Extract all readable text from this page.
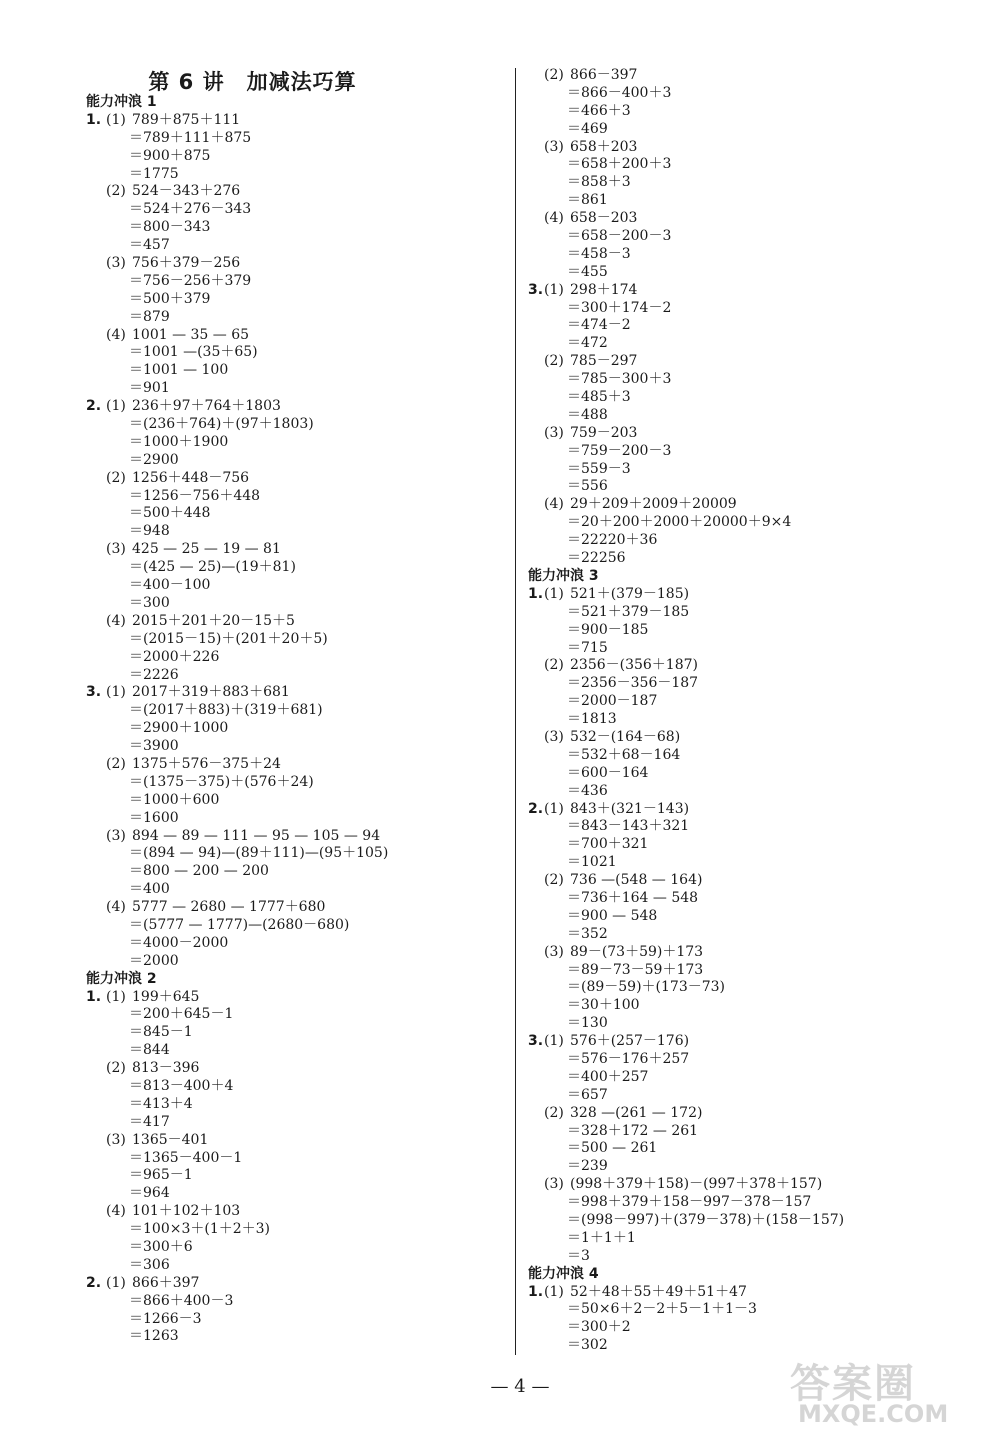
第 6 讲　加减法巧算
能力冲浪 1
1. (1) 789＋875＋111
＝789＋111＋875
＝900＋875
＝1775
(2) 524－343＋276
＝524＋276－343
＝800－343
＝457
(3) 756＋379－256
＝756－256＋379
＝500＋379
＝879
(4) 1001 — 35 — 65
＝1001 —(35＋65)
＝1001 — 100
＝901
2. (1) 236＋97＋764＋1803
＝(236＋764)＋(97＋1803)
＝1000＋1900
＝2900
(2) 1256＋448－756
＝1256－756＋448
＝500＋448
＝948
(3) 425 — 25 — 19 — 81
＝(425 — 25)—(19＋81)
＝400－100
＝300
(4) 2015＋201＋20－15＋5
＝(2015－15)＋(201＋20＋5)
＝2000＋226
＝2226
3. (1) 2017＋319＋883＋681
＝(2017＋883)＋(319＋681)
＝2900＋1000
＝3900
(2) 1375＋576－375＋24
＝(1375－375)＋(576＋24)
＝1000＋600
＝1600
(3) 894 — 89 — 111 — 95 — 105 — 94
＝(894 — 94)—(89＋111)—(95＋105)
＝800 — 200 — 200
＝400
(4) 5777 — 2680 — 1777＋680
＝(5777 — 1777)—(2680－680)
＝4000－2000
＝2000
能力冲浪 2
1. (1) 199＋645
＝200＋645－1
＝845－1
＝844
(2) 813－396
＝813－400＋4
＝413＋4
＝417
(3) 1365－401
＝1365－400－1
＝965－1
＝964
(4) 101＋102＋103
＝100×3＋(1＋2＋3)
＝300＋6
＝306
2. (1) 866＋397
＝866＋400－3
＝1266－3
＝1263
(2) 866－397
＝866－400＋3
＝466＋3
＝469
(3) 658＋203
＝658＋200＋3
＝858＋3
＝861
(4) 658－203
＝658－200－3
＝458－3
＝455
3. (1) 298＋174
＝300＋174－2
＝474－2
＝472
(2) 785－297
＝785－300＋3
＝485＋3
＝488
(3) 759－203
＝759－200－3
＝559－3
＝556
(4) 29＋209＋2009＋20009
＝20＋200＋2000＋20000＋9×4
＝22220＋36
＝22256
能力冲浪 3
1. (1) 521＋(379－185)
＝521＋379－185
＝900－185
＝715
(2) 2356－(356＋187)
＝2356－356－187
＝2000－187
＝1813
(3) 532－(164－68)
＝532＋68－164
＝600－164
＝436
2. (1) 843＋(321－143)
＝843－143＋321
＝700＋321
＝1021
(2) 736 —(548 — 164)
＝736＋164 — 548
＝900 — 548
＝352
(3) 89－(73＋59)＋173
＝89－73－59＋173
＝(89－59)＋(173－73)
＝30＋100
＝130
3. (1) 576＋(257－176)
＝576－176＋257
＝400＋257
＝657
(2) 328 —(261 — 172)
＝328＋172 — 261
＝500 — 261
＝239
(3) (998＋379＋158)－(997＋378＋157)
＝998＋379＋158－997－378－157
＝(998－997)＋(379－378)＋(158－157)
＝1＋1＋1
＝3
能力冲浪 4
1. (1) 52＋48＋55＋49＋51＋47
＝50×6＋2－2＋5－1＋1－3
＝300＋2
＝302
— 4 —	答案圈
MXQE.COM
